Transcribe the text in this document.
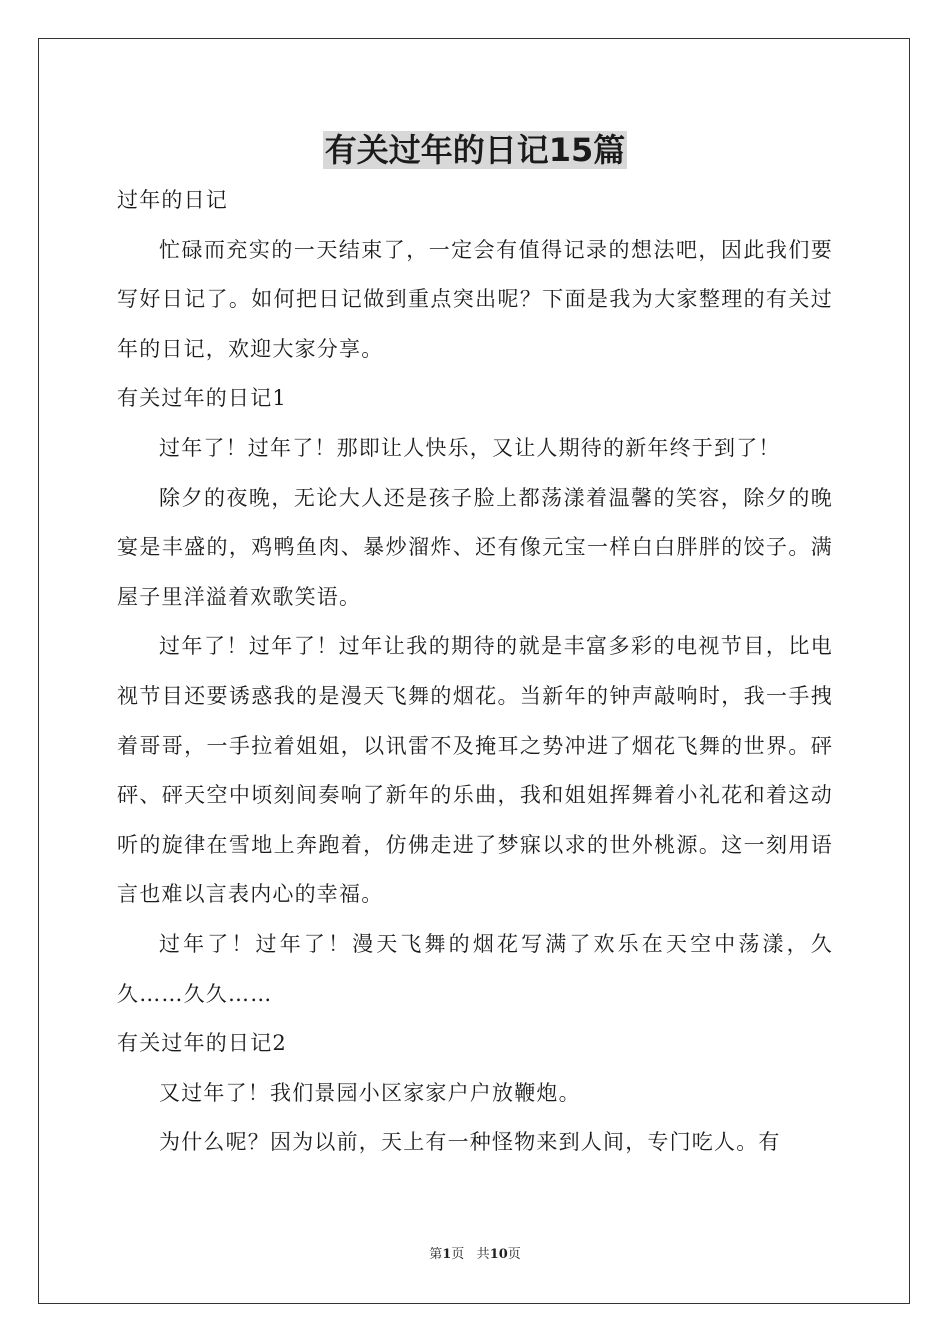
有关过年的日记15篇

过年的日记

忙碌而充实的一天结束了，一定会有值得记录的想法吧，因此我们要写好日记了。如何把日记做到重点突出呢？下面是我为大家整理的有关过年的日记，欢迎大家分享。

有关过年的日记1

过年了！过年了！那即让人快乐，又让人期待的新年终于到了！

除夕的夜晚，无论大人还是孩子脸上都荡漾着温馨的笑容，除夕的晚宴是丰盛的，鸡鸭鱼肉、暴炒溜炸、还有像元宝一样白白胖胖的饺子。满屋子里洋溢着欢歌笑语。

过年了！过年了！过年让我的期待的就是丰富多彩的电视节目，比电视节目还要诱惑我的是漫天飞舞的烟花。当新年的钟声敲响时，我一手拽着哥哥，一手拉着姐姐，以讯雷不及掩耳之势冲进了烟花飞舞的世界。砰砰、砰天空中顷刻间奏响了新年的乐曲，我和姐姐挥舞着小礼花和着这动听的旋律在雪地上奔跑着，仿佛走进了梦寐以求的世外桃源。这一刻用语言也难以言表内心的幸福。

过年了！过年了！漫天飞舞的烟花写满了欢乐在天空中荡漾，久久……久久……

有关过年的日记2

又过年了！我们景园小区家家户户放鞭炮。

为什么呢？因为以前，天上有一种怪物来到人间，专门吃人。有

第1页 共10页
